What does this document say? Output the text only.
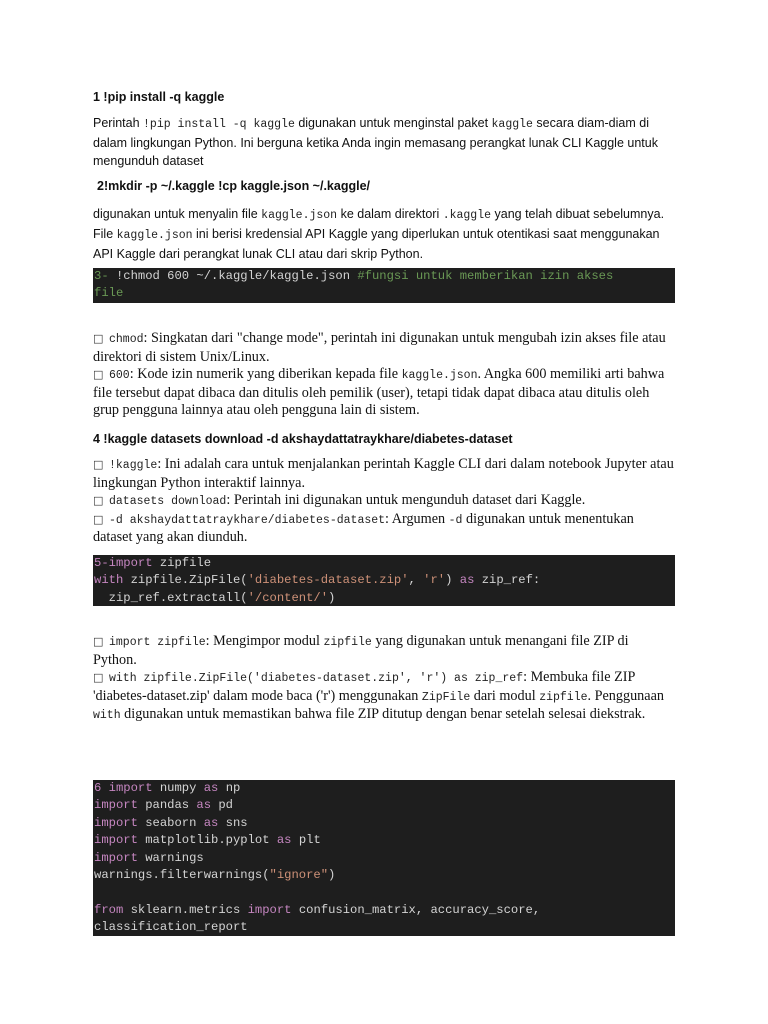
1 !pip install -q kaggle
Perintah !pip install -q kaggle digunakan untuk menginstal paket kaggle secara diam-diam di dalam lingkungan Python. Ini berguna ketika Anda ingin memasang perangkat lunak CLI Kaggle untuk mengunduh dataset
2!mkdir -p ~/.kaggle !cp kaggle.json ~/.kaggle/
digunakan untuk menyalin file kaggle.json ke dalam direktori .kaggle yang telah dibuat sebelumnya. File kaggle.json ini berisi kredensial API Kaggle yang diperlukan untuk otentikasi saat menggunakan API Kaggle dari perangkat lunak CLI atau dari skrip Python.
3- !chmod 600 ~/.kaggle/kaggle.json #fungsi untuk memberikan izin akses
file
□ chmod: Singkatan dari "change mode", perintah ini digunakan untuk mengubah izin akses file atau direktori di sistem Unix/Linux.
□ 600: Kode izin numerik yang diberikan kepada file kaggle.json. Angka 600 memiliki arti bahwa file tersebut dapat dibaca dan ditulis oleh pemilik (user), tetapi tidak dapat dibaca atau ditulis oleh grup pengguna lainnya atau oleh pengguna lain di sistem.
4 !kaggle datasets download -d akshaydattatraykhare/diabetes-dataset
□ !kaggle: Ini adalah cara untuk menjalankan perintah Kaggle CLI dari dalam notebook Jupyter atau lingkungan Python interaktif lainnya.
□ datasets download: Perintah ini digunakan untuk mengunduh dataset dari Kaggle.
□ -d akshaydattatraykhare/diabetes-dataset: Argumen -d digunakan untuk menentukan dataset yang akan diunduh.
5-import zipfile
with zipfile.ZipFile('diabetes-dataset.zip', 'r') as zip_ref:
zip_ref.extractall('/content/')
□ import zipfile: Mengimpor modul zipfile yang digunakan untuk menangani file ZIP di Python.
□ with zipfile.ZipFile('diabetes-dataset.zip', 'r') as zip_ref: Membuka file ZIP 'diabetes-dataset.zip' dalam mode baca ('r') menggunakan ZipFile dari modul zipfile. Penggunaan with digunakan untuk memastikan bahwa file ZIP ditutup dengan benar setelah selesai diekstrak.
6 import numpy as np
import pandas as pd
import seaborn as sns
import matplotlib.pyplot as plt
import warnings
warnings.filterwarnings("ignore")

from sklearn.metrics import confusion_matrix, accuracy_score,
classification_report
